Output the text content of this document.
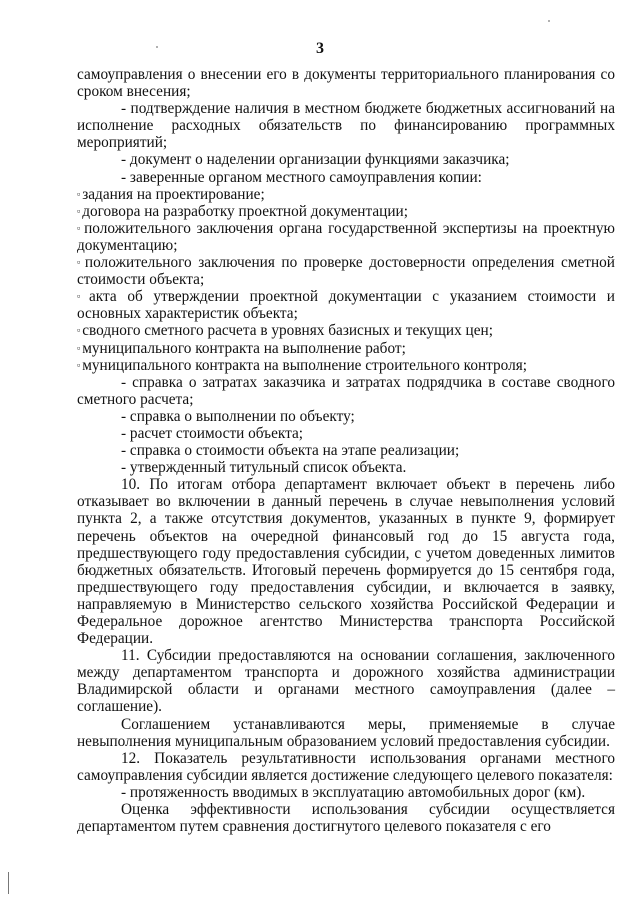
3

самоуправления о внесении его в документы территориального планирования со сроком внесения;

- подтверждение наличия в местном бюджете бюджетных ассигнований на исполнение расходных обязательств по финансированию программных мероприятий;

- документ о наделении организации функциями заказчика;

- заверенные органом местного самоуправления копии:

▫ задания на проектирование;

▫ договора на разработку проектной документации;

▫ положительного заключения органа государственной экспертизы на проектную документацию;

▫ положительного заключения по проверке достоверности определения сметной стоимости объекта;

▫ акта об утверждении проектной документации с указанием стоимости и основных характеристик объекта;

▫ сводного сметного расчета в уровнях базисных и текущих цен;

▫ муниципального контракта на выполнение работ;

▫ муниципального контракта на выполнение строительного контроля;

- справка о затратах заказчика и затратах подрядчика в составе сводного сметного расчета;

- справка о выполнении по объекту;

- расчет стоимости объекта;

- справка о стоимости объекта на этапе реализации;

- утвержденный титульный список объекта.

10. По итогам отбора департамент включает объект в перечень либо отказывает во включении в данный перечень в случае невыполнения условий пункта 2, а также отсутствия документов, указанных в пункте 9, формирует перечень объектов на очередной финансовый год до 15 августа года, предшествующего году предоставления субсидии, с учетом доведенных лимитов бюджетных обязательств. Итоговый перечень формируется до 15 сентября года, предшествующего году предоставления субсидии, и включается в заявку, направляемую в Министерство сельского хозяйства Российской Федерации и Федеральное дорожное агентство Министерства транспорта Российской Федерации.

11. Субсидии предоставляются на основании соглашения, заключенного между департаментом транспорта и дорожного хозяйства администрации Владимирской области и органами местного самоуправления (далее – соглашение).

Соглашением устанавливаются меры, применяемые в случае невыполнения муниципальным образованием условий предоставления субсидии.

12. Показатель результативности использования органами местного самоуправления субсидии является достижение следующего целевого показателя:

- протяженность вводимых в эксплуатацию автомобильных дорог (км).

Оценка эффективности использования субсидии осуществляется департаментом путем сравнения достигнутого целевого показателя с его
